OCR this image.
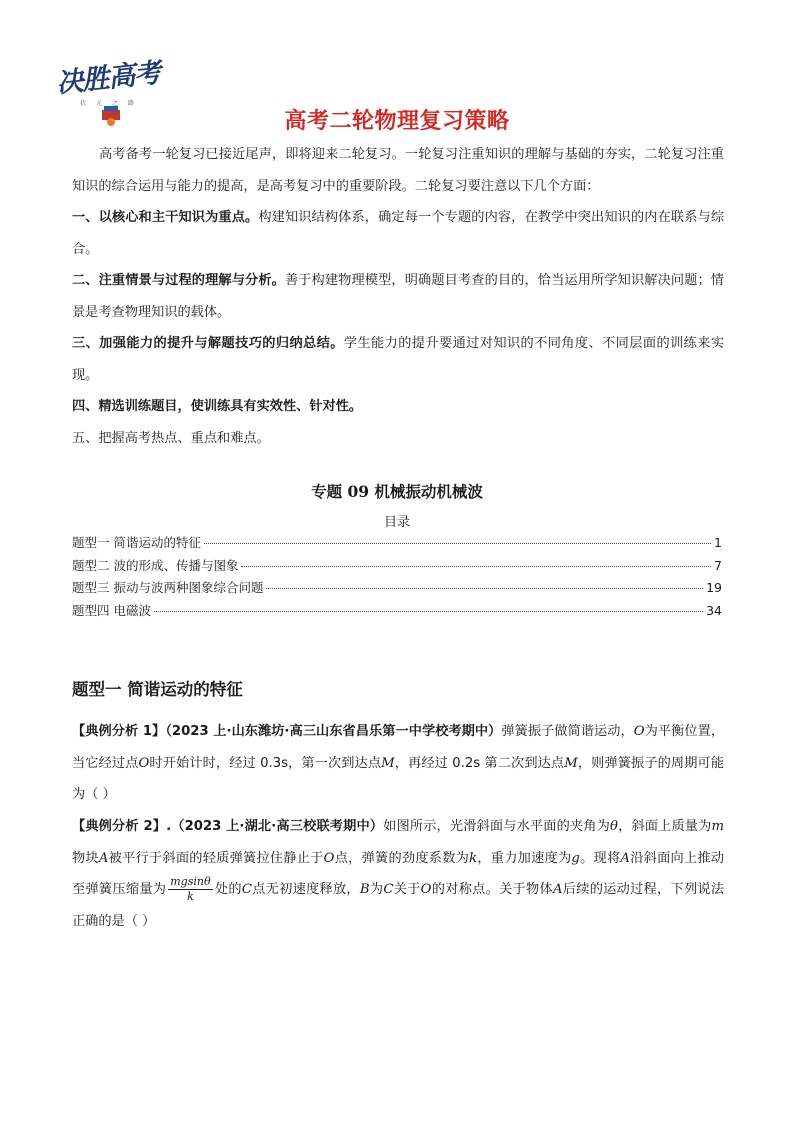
决胜高考
状元之路
高考二轮物理复习策略
高考备考一轮复习已接近尾声，即将迎来二轮复习。一轮复习注重知识的理解与基础的夯实，二轮复习注重知识的综合运用与能力的提高，是高考复习中的重要阶段。二轮复习要注意以下几个方面：
一、以核心和主干知识为重点。构建知识结构体系，确定每一个专题的内容，在教学中突出知识的内在联系与综合。
二、注重情景与过程的理解与分析。善于构建物理模型，明确题目考查的目的，恰当运用所学知识解决问题；情景是考查物理知识的载体。
三、加强能力的提升与解题技巧的归纳总结。学生能力的提升要通过对知识的不同角度、不同层面的训练来实现。
四、精选训练题目，使训练具有实效性、针对性。
五、把握高考热点、重点和难点。
专题 09 机械振动机械波
目录
题型一 简谐运动的特征	1
题型二 波的形成、传播与图象	7
题型三 振动与波两种图象综合问题	19
题型四 电磁波	34
题型一 简谐运动的特征
【典例分析 1】（2023 上·山东潍坊·高三山东省昌乐第一中学校考期中）弹簧振子做简谐运动，O为平衡位置，当它经过点O时开始计时，经过 0.3s，第一次到达点M，再经过 0.2s 第二次到达点M，则弹簧振子的周期可能为（ ）
【典例分析 2】.（2023 上·湖北·高三校联考期中）如图所示，光滑斜面与水平面的夹角为θ，斜面上质量为m物块A被平行于斜面的轻质弹簧拉住静止于O点，弹簧的劲度系数为k，重力加速度为g。现将A沿斜面向上推动至弹簧压缩量为 $\frac{mgsin\theta}{k}$ 处的C点无初速度释放，B为C关于O的对称点。关于物体A后续的运动过程，下列说法正确的是（ ）
